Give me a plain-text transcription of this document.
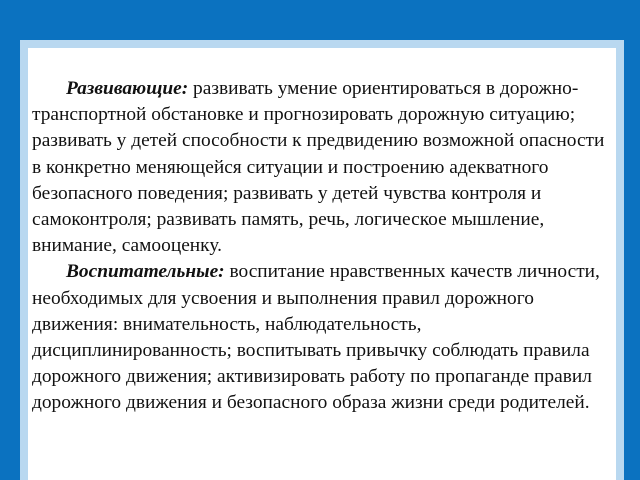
Развивающие: развивать умение ориентироваться в дорожно- транспортной обстановке и прогнозировать дорожную ситуацию; развивать у детей способности к предвидению возможной опасности в конкретно меняющейся ситуации и построению адекватного безопасного поведения; развивать у детей чувства контроля и самоконтроля; развивать память, речь, логическое мышление, внимание, самооценку.

Воспитательные: воспитание нравственных качеств личности, необходимых для усвоения и выполнения правил дорожного движения: внимательность, наблюдательность, дисциплинированность; воспитывать привычку соблюдать правила дорожного движения; активизировать работу по пропаганде правил дорожного движения и безопасного образа жизни среди родителей.
